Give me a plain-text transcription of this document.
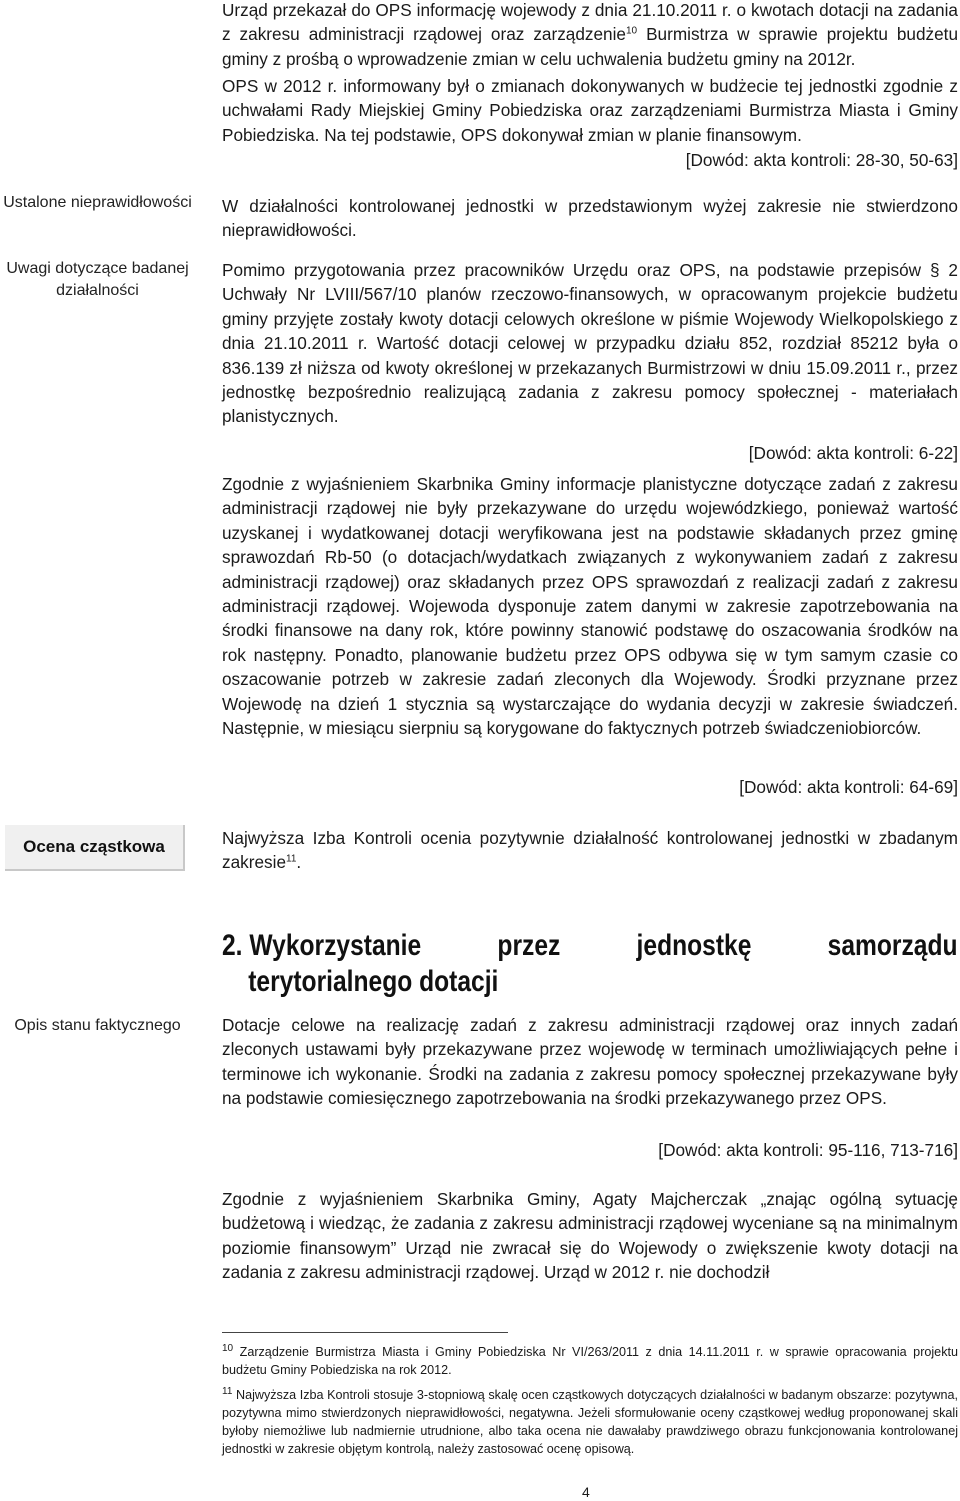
Ustalone nieprawidłowości
Uwagi dotyczące badanej działalności
Ocena cząstkowa
Opis stanu faktycznego

Urząd przekazał do OPS informację wojewody z dnia 21.10.2011 r. o kwotach dotacji na zadania z zakresu administracji rządowej oraz zarządzenie$^{10}$ Burmistrza w sprawie projektu budżetu gminy z prośbą o wprowadzenie zmian w celu uchwalenia budżetu gminy na 2012r.

OPS w 2012 r. informowany był o zmianach dokonywanych w budżecie tej jednostki zgodnie z uchwałami Rady Miejskiej Gminy Pobiedziska oraz zarządzeniami Burmistrza Miasta i Gminy Pobiedziska. Na tej podstawie, OPS dokonywał zmian w planie finansowym.

[Dowód: akta kontroli: 28-30, 50-63]

W działalności kontrolowanej jednostki w przedstawionym wyżej zakresie nie stwierdzono nieprawidłowości.

Pomimo przygotowania przez pracowników Urzędu oraz OPS, na podstawie przepisów § 2 Uchwały Nr LVIII/567/10 planów rzeczowo-finansowych, w opracowanym projekcie budżetu gminy przyjęte zostały kwoty dotacji celowych określone w piśmie Wojewody Wielkopolskiego z dnia 21.10.2011 r. Wartość dotacji celowej w przypadku działu 852, rozdział 85212 była o 836.139 zł niższa od kwoty określonej w przekazanych Burmistrzowi w dniu 15.09.2011 r., przez jednostkę bezpośrednio realizującą zadania z zakresu pomocy społecznej - materiałach planistycznych.

[Dowód: akta kontroli: 6-22]

Zgodnie z wyjaśnieniem Skarbnika Gminy informacje planistyczne dotyczące zadań z zakresu administracji rządowej nie były przekazywane do urzędu wojewódzkiego, ponieważ wartość uzyskanej i wydatkowanej dotacji weryfikowana jest na podstawie składanych przez gminę sprawozdań Rb-50 (o dotacjach/wydatkach związanych z wykonywaniem zadań z zakresu administracji rządowej) oraz składanych przez OPS sprawozdań z realizacji zadań z zakresu administracji rządowej. Wojewoda dysponuje zatem danymi w zakresie zapotrzebowania na środki finansowe na dany rok, które powinny stanowić podstawę do oszacowania środków na rok następny. Ponadto, planowanie budżetu przez OPS odbywa się w tym samym czasie co oszacowanie potrzeb w zakresie zadań zleconych dla Wojewody. Środki przyznane przez Wojewodę na dzień 1 stycznia są wystarczające do wydania decyzji w zakresie świadczeń. Następnie, w miesiącu sierpniu są korygowane do faktycznych potrzeb świadczeniobiorców.

[Dowód: akta kontroli: 64-69]

Najwyższa Izba Kontroli ocenia pozytywnie działalność kontrolowanej jednostki w zbadanym zakresie$^{11}$.

2. Wykorzystanie	przez	jednostkę	samorządu
terytorialnego dotacji

Dotacje celowe na realizację zadań z zakresu administracji rządowej oraz innych zadań zleconych ustawami były przekazywane przez wojewodę w terminach umożliwiających pełne i terminowe ich wykonanie. Środki na zadania z zakresu pomocy społecznej przekazywane były na podstawie comiesięcznego zapotrzebowania na środki przekazywanego przez OPS.

[Dowód: akta kontroli: 95-116, 713-716]

Zgodnie z wyjaśnieniem Skarbnika Gminy, Agaty Majcherczak „znając ogólną sytuację budżetową i wiedząc, że zadania z zakresu administracji rządowej wyceniane są na minimalnym poziomie finansowym” Urząd nie zwracał się do Wojewody o zwiększenie kwoty dotacji na zadania z zakresu administracji rządowej. Urząd w 2012 r. nie dochodził

$^{10}$ Zarządzenie Burmistrza Miasta i Gminy Pobiedziska Nr VI/263/2011 z dnia 14.11.2011 r. w sprawie opracowania projektu budżetu Gminy Pobiedziska na rok 2012.

$^{11}$ Najwyższa Izba Kontroli stosuje 3-stopniową skalę ocen cząstkowych dotyczących działalności w badanym obszarze: pozytywna, pozytywna mimo stwierdzonych nieprawidłowości, negatywna. Jeżeli sformułowanie oceny cząstkowej według proponowanej skali byłoby niemożliwe lub nadmiernie utrudnione, albo taka ocena nie dawałaby prawdziwego obrazu funkcjonowania kontrolowanej jednostki w zakresie objętym kontrolą, należy zastosować ocenę opisową.

4
